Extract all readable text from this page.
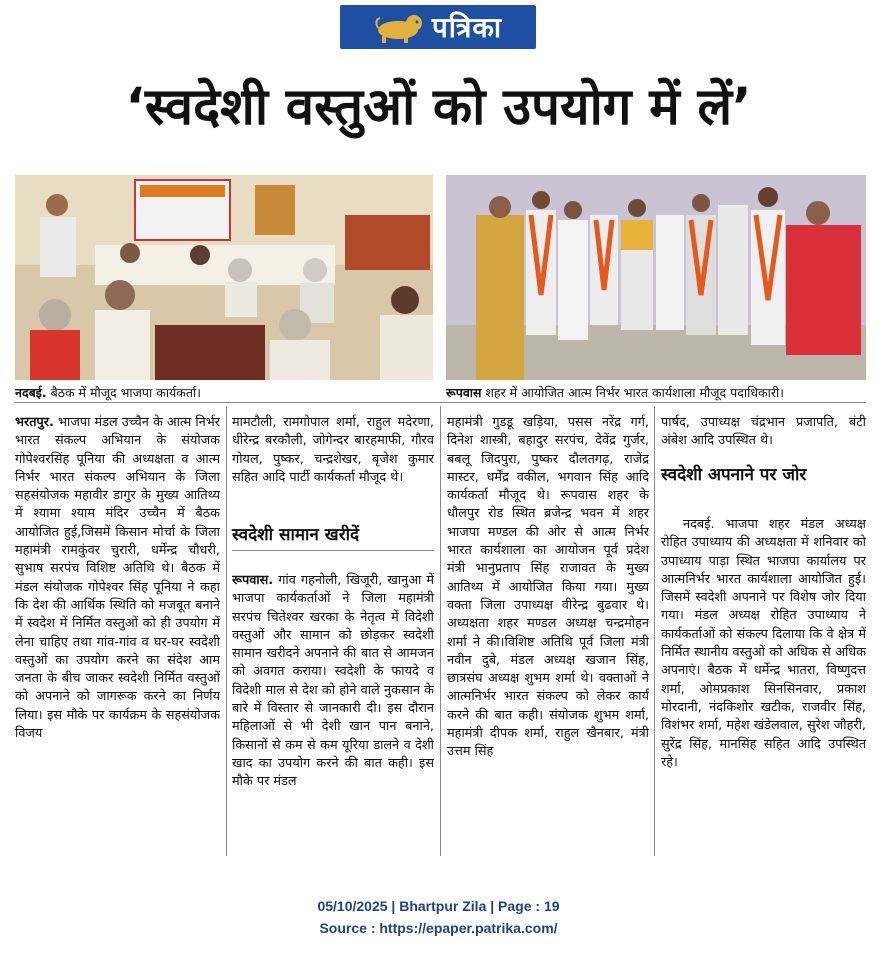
पत्रिका
‘स्वदेशी वस्तुओं को उपयोग में लें’
नदबई. बैठक में मौजूद भाजपा कार्यकर्ता।	रूपवास शहर में आयोजित आत्म निर्भर भारत कार्यशाला मौजूद पदाधिकारी।

भरतपुर. भाजपा मंडल उच्चैन के आत्म निर्भर भारत संकल्प अभियान के संयोजक गोपेश्वरसिंह पूनिया की अध्यक्षता व आत्म निर्भर भारत संकल्प अभियान के जिला सहसंयोजक महावीर डागुर के मुख्य आतिथ्य में श्यामा श्याम मंदिर उच्चैन में बैठक आयोजित हुई,जिसमें किसान मोर्चा के जिला महामंत्री रामकुंवर चुरारी, धर्मेन्द्र चौधरी, सुभाष सरपंच विशिष्ट अतिथि थे। बैठक में मंडल संयोजक गोपेश्वर सिंह पूनिया ने कहा कि देश की आर्थिक स्थिति को मजबूत बनाने में स्वदेश में निर्मित वस्तुओं को ही उपयोग में लेना चाहिए तथा गांव-गांव व घर-घर स्वदेशी वस्तुओं का उपयोग करने का संदेश आम जनता के बीच जाकर स्वदेशी निर्मित वस्तुओं को अपनाने को जागरूक करने का निर्णय लिया। इस मौके पर कार्यक्रम के सहसंयोजक विजय

मामटौली, रामगोपाल शर्मा, राहुल मदेरणा, धीरेन्द्र बरकौली, जोगेन्दर बारहमाफी, गौरव गोयल, पुष्कर, चन्द्रशेखर, बृजेश कुमार सहित आदि पार्टी कार्यकर्ता मौजूद थे।

स्वदेशी सामान खरीदें

रूपवास. गांव गहनोली, खिजूरी, खानुआ में भाजपा कार्यकर्ताओं ने जिला महामंत्री सरपंच चितेश्वर खरका के नेतृत्व में विदेशी वस्तुओं और सामान को छोड़कर स्वदेशी सामान खरीदने अपनाने की बात से आमजन को अवगत कराया। स्वदेशी के फायदे व विदेशी माल से देश को होने वाले नुकसान के बारे में विस्तार से जानकारी दी। इस दौरान महिलाओं से भी देशी खान पान बनाने, किसानों से कम से कम यूरिया डालने व देशी खाद का उपयोग करने की बात कही। इस मौके पर मंडल

महामंत्री गुडडू खड़िया, पसस नरेंद्र गर्ग, दिनेश शास्त्री, बहादुर सरपंच, देवेंद्र गुर्जर, बबलू जिदपुरा, पुष्कर दौलतगढ़, राजेंद्र मास्टर, धर्मेंद्र वकील, भगवान सिंह आदि कार्यकर्ता मौजूद थे। रूपवास शहर के धौलपुर रोड स्थित ब्रजेन्द्र भवन में शहर भाजपा मण्डल की ओर से आत्म निर्भर भारत कार्यशाला का आयोजन पूर्व प्रदेश मंत्री भानुप्रताप सिंह राजावत के मुख्य आतिथ्य में आयोजित किया गया। मुख्य वक्ता जिला उपाध्यक्ष वीरेन्द्र बुढवार थे। अध्यक्षता शहर मण्डल अध्यक्ष चन्द्रमोहन शर्मा ने की।विशिष्ट अतिथि पूर्व जिला मंत्री नवीन दुबे, मंडल अध्यक्ष खजान सिंह, छात्रसंघ अध्यक्ष शुभम शर्मा थे। वक्ताओं ने आत्मनिर्भर भारत संकल्प को लेकर कार्य करने की बात कही। संयोजक शुभम शर्मा, महामंत्री दीपक शर्मा, राहुल खैनबार, मंत्री उत्तम सिंह

पार्षद, उपाध्यक्ष चंद्रभान प्रजापति, बंटी अंबेश आदि उपस्थित थे।

स्वदेशी अपनाने पर जोर

नदबई. भाजपा शहर मंडल अध्यक्ष रोहित उपाध्याय की अध्यक्षता में शनिवार को उपाध्याय पाड़ा स्थित भाजपा कार्यालय पर आत्मनिर्भर भारत कार्यशाला आयोजित हुई। जिसमें स्वदेशी अपनाने पर विशेष जोर दिया गया। मंडल अध्यक्ष रोहित उपाध्याय ने कार्यकर्ताओं को संकल्प दिलाया कि वे क्षेत्र में निर्मित स्थानीय वस्तुओं को अधिक से अधिक अपनाएं। बैठक में धर्मेन्द्र भातरा, विष्णुदत्त शर्मा, ओमप्रकाश सिनसिनवार, प्रकाश मोरदानी, नंदकिशोर खटीक, राजवीर सिंह, विशंभर शर्मा, महेश खंडेलवाल, सुरेश जौहरी, सुरेंद्र सिंह, मानसिंह सहित आदि उपस्थित रहे।

05/10/2025 | Bhartpur Zila | Page : 19
Source : https://epaper.patrika.com/
